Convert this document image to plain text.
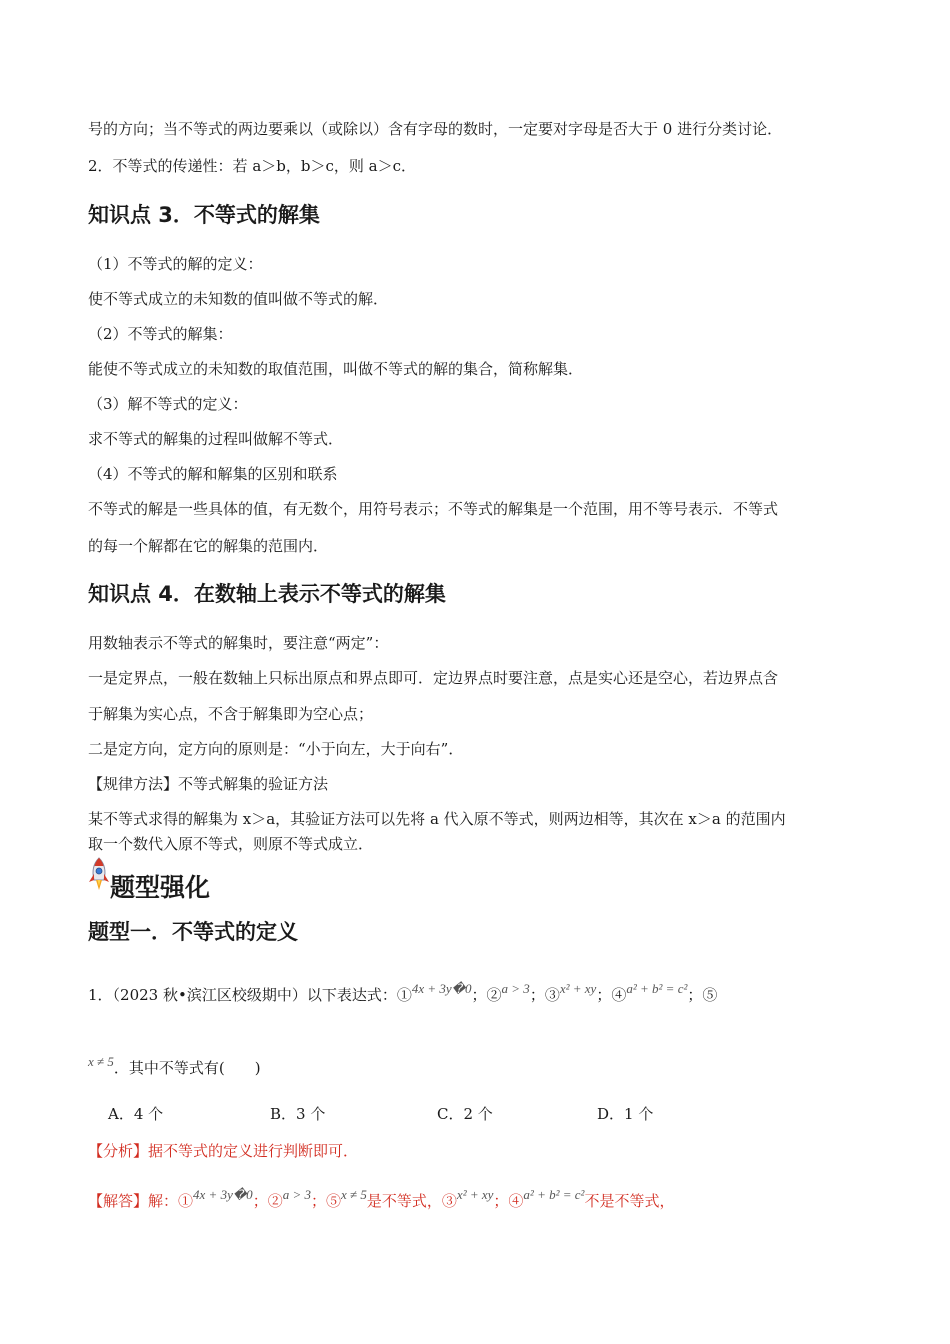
号的方向；当不等式的两边要乘以（或除以）含有字母的数时，一定要对字母是否大于 0 进行分类讨论．
2．不等式的传递性：若 a＞b，b＞c，则 a＞c．
知识点 3．不等式的解集
（1）不等式的解的定义：
使不等式成立的未知数的值叫做不等式的解．
（2）不等式的解集：
能使不等式成立的未知数的取值范围，叫做不等式的解的集合，简称解集．
（3）解不等式的定义：
求不等式的解集的过程叫做解不等式．
（4）不等式的解和解集的区别和联系
不等式的解是一些具体的值，有无数个，用符号表示；不等式的解集是一个范围，用不等号表示．不等式
的每一个解都在它的解集的范围内．
知识点 4．在数轴上表示不等式的解集
用数轴表示不等式的解集时，要注意“两定”：
一是定界点，一般在数轴上只标出原点和界点即可．定边界点时要注意，点是实心还是空心，若边界点含
于解集为实心点，不含于解集即为空心点；
二是定方向，定方向的原则是：“小于向左，大于向右”．
【规律方法】不等式解集的验证方法
某不等式求得的解集为 x＞a，其验证方法可以先将 a 代入原不等式，则两边相等，其次在 x＞a 的范围内
取一个数代入原不等式，则原不等式成立．
题型强化
题型一．不等式的定义
1．（2023 秋•滨江区校级期中）以下表达式：①4x + 3y�0；②a > 3；③x² + xy；④a² + b² = c²；⑤
x ≠ 5．其中不等式有(　　)
A．4 个	B．3 个	C．2 个	D．1 个
【分析】据不等式的定义进行判断即可．
【解答】解：①4x + 3y�0；②a > 3；⑤x ≠ 5是不等式，③x² + xy；④a² + b² = c²不是不等式，
